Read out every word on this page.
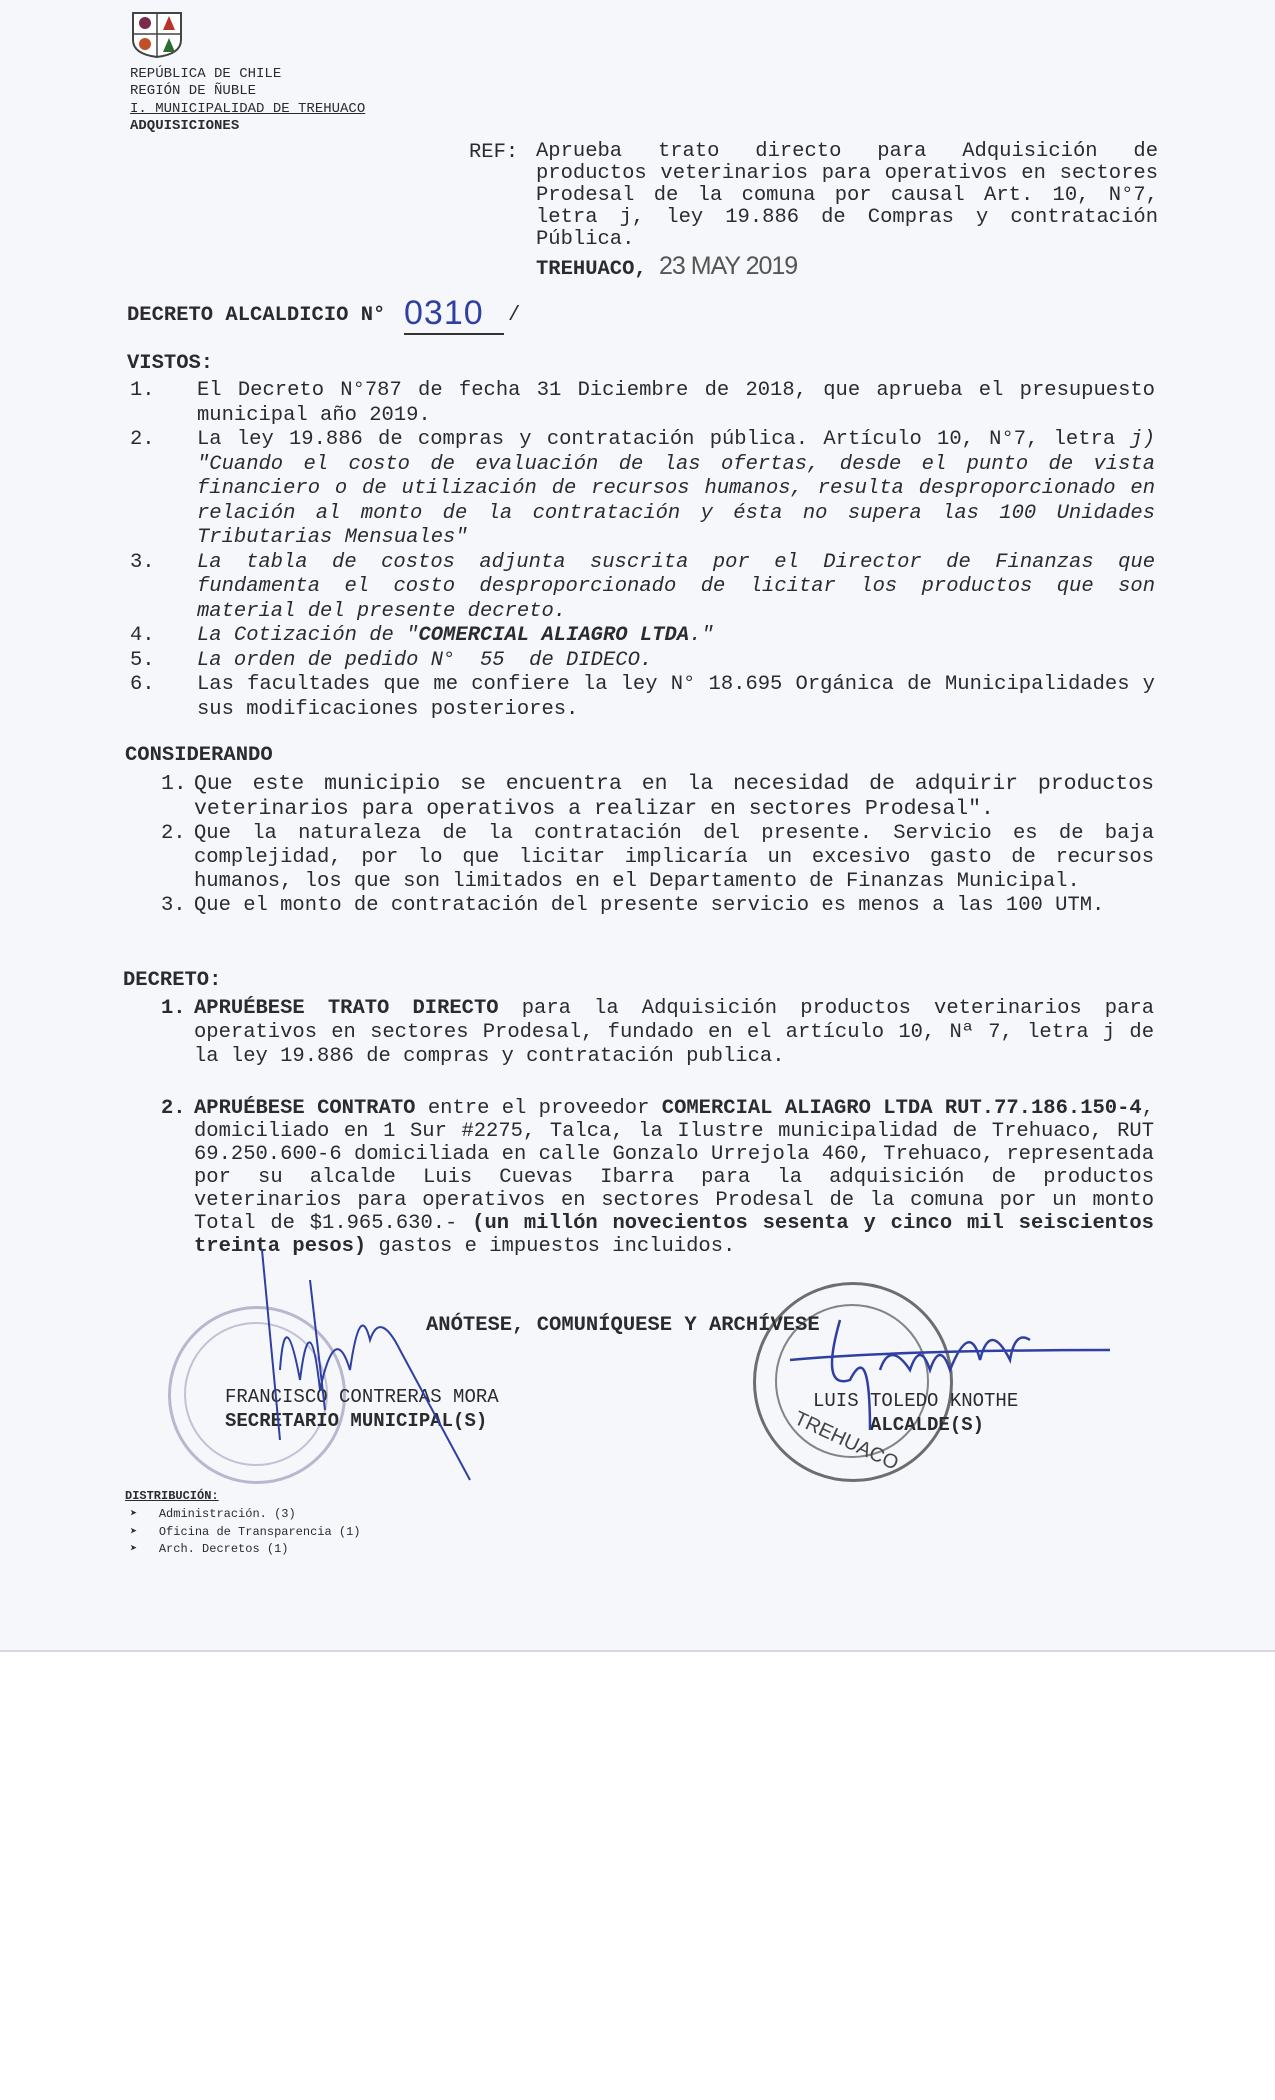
REPÚBLICA DE CHILE
REGIÓN DE ÑUBLE
I. MUNICIPALIDAD DE TREHUACO
ADQUISICIONES
REF: Aprueba trato directo para Adquisición de productos veterinarios para operativos en sectores Prodesal de la comuna por causal Art. 10, N°7, letra j, ley 19.886 de Compras y contratación Pública.
TREHUACO, 23 MAY 2019
DECRETO ALCALDICIO N° 0310	/
VISTOS:
1. El Decreto N°787 de fecha 31 Diciembre de 2018, que aprueba el presupuesto municipal año 2019.
2. La ley 19.886 de compras y contratación pública. Artículo 10, N°7, letra j) "Cuando el costo de evaluación de las ofertas, desde el punto de vista financiero o de utilización de recursos humanos, resulta desproporcionado en relación al monto de la contratación y ésta no supera las 100 Unidades Tributarias Mensuales"
3. La tabla de costos adjunta suscrita por el Director de Finanzas que fundamenta el costo desproporcionado de licitar los productos que son material del presente decreto.
4. La Cotización de "COMERCIAL ALIAGRO LTDA."
5. La orden de pedido N°  55  de DIDECO.
6. Las facultades que me confiere la ley N° 18.695 Orgánica de Municipalidades y sus modificaciones posteriores.
CONSIDERANDO
1. Que este municipio se encuentra en la necesidad de adquirir productos veterinarios para operativos a realizar en sectores Prodesal".
2. Que la naturaleza de la contratación del presente. Servicio es de baja complejidad, por lo que licitar implicaría un excesivo gasto de recursos humanos, los que son limitados en el Departamento de Finanzas Municipal.
3. Que el monto de contratación del presente servicio es menos a las 100 UTM.
DECRETO:
1. APRUÉBESE TRATO DIRECTO para la Adquisición productos veterinarios para operativos en sectores Prodesal, fundado en el artículo 10, Nª 7, letra j de la ley 19.886 de compras y contratación publica.
2. APRUÉBESE CONTRATO entre el proveedor COMERCIAL ALIAGRO LTDA RUT.77.186.150-4, domiciliado en 1 Sur #2275, Talca, la Ilustre municipalidad de Trehuaco, RUT 69.250.600-6 domiciliada en calle Gonzalo Urrejola 460, Trehuaco, representada por su alcalde Luis Cuevas Ibarra para la adquisición de productos veterinarios para operativos en sectores Prodesal de la comuna por un monto Total de $1.965.630.- (un millón novecientos sesenta y cinco mil seiscientos treinta pesos) gastos e impuestos incluidos.
TREHUACO
ANÓTESE, COMUNÍQUESE Y ARCHÍVESE
FRANCISCO CONTRERAS MORA
SECRETARIO MUNICIPAL(S)
LUIS TOLEDO KNOTHE
ALCALDE(S)
DISTRIBUCIÓN:
➤ Administración. (3)
➤ Oficina de Transparencia (1)
➤ Arch. Decretos (1)
